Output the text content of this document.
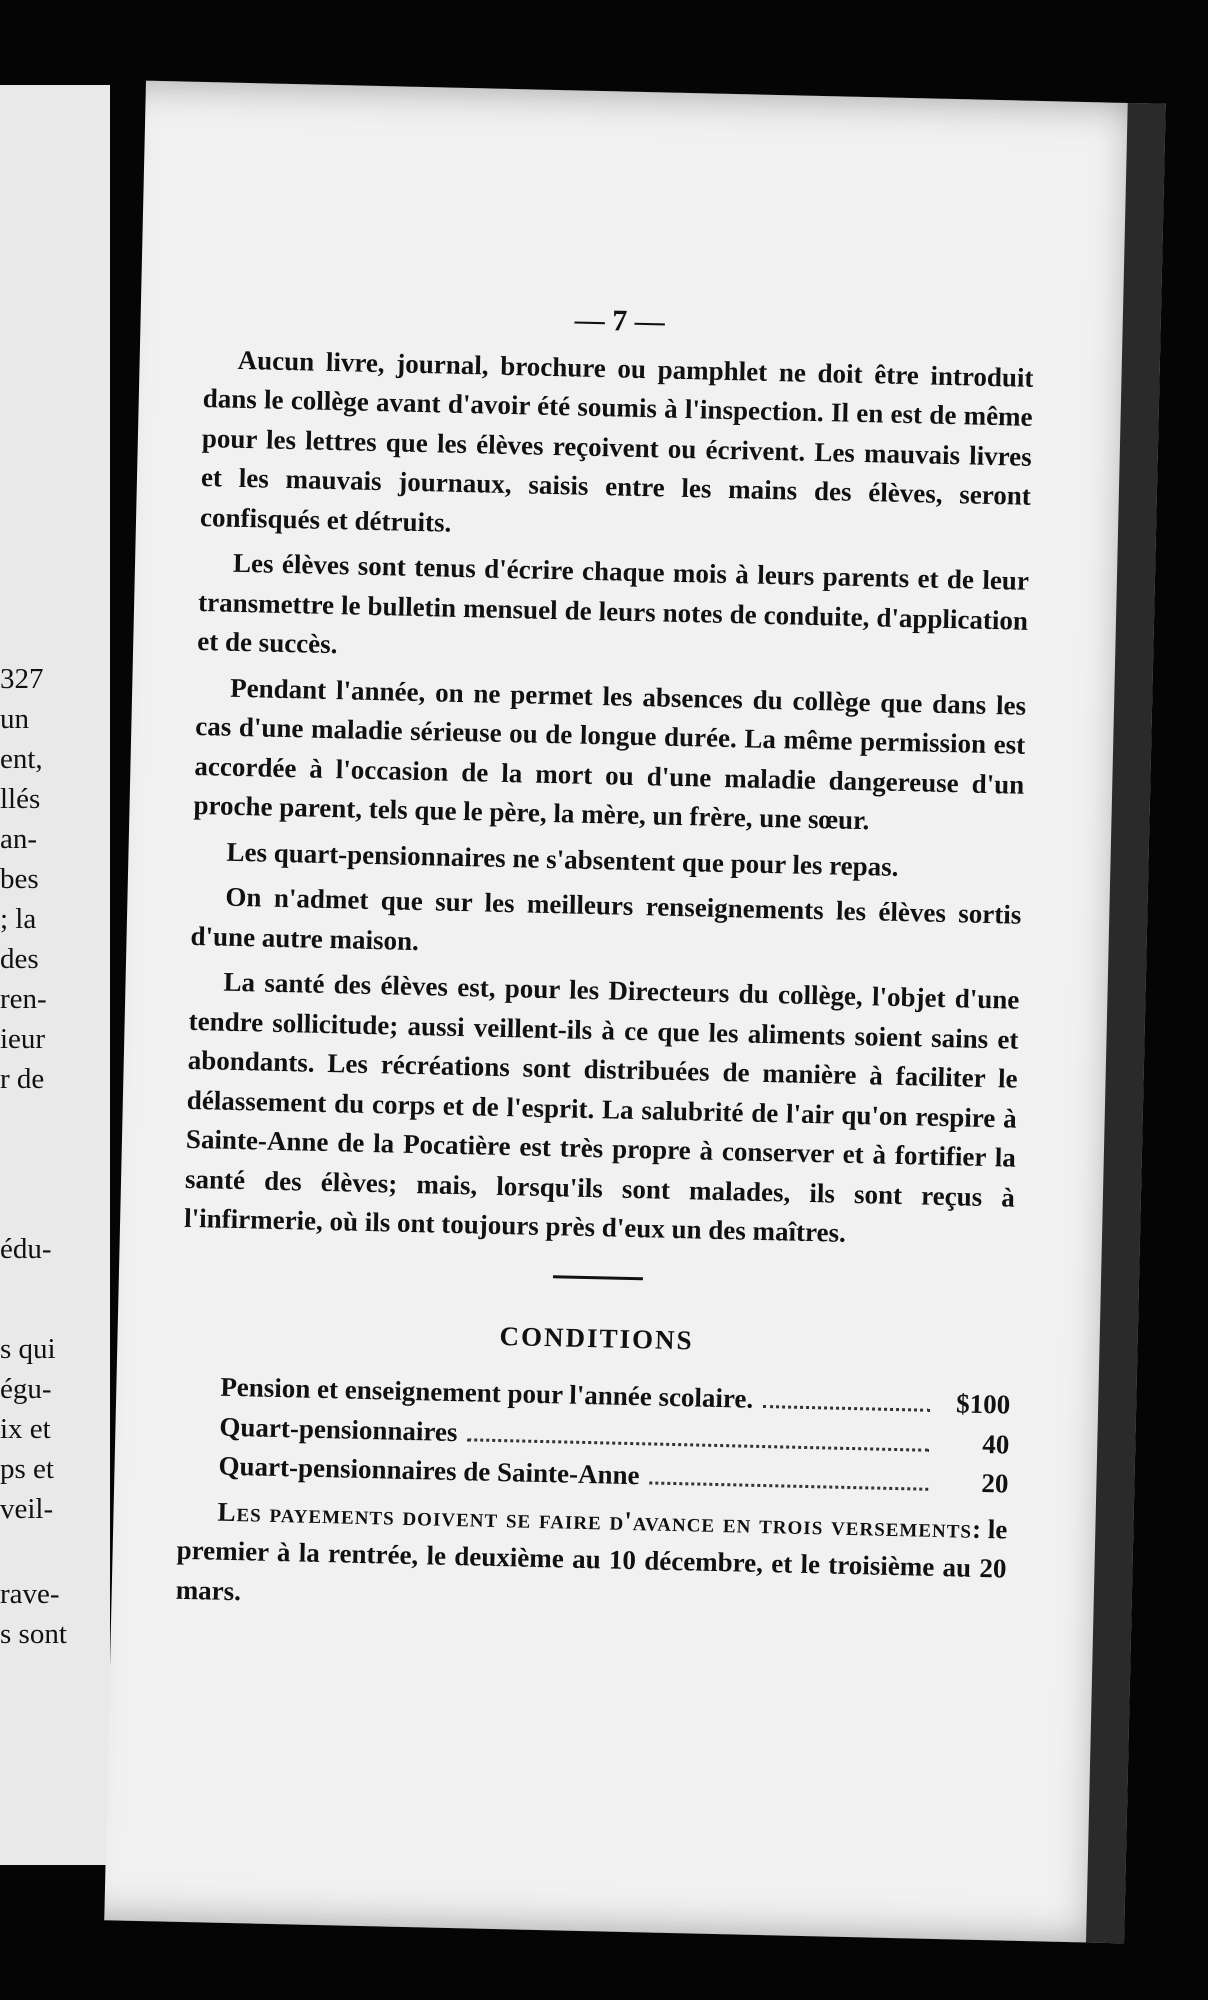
327
un
ent,
llés
an-
bes
; la
des
ren-
ieur
r de
édu-
s qui
égu-
ix et
ps et
veil-
rave-
s sont
— 7 —

Aucun livre, journal, brochure ou pamphlet ne doit être introduit dans le collège avant d'avoir été soumis à l'inspection. Il en est de même pour les lettres que les élèves reçoivent ou écrivent. Les mauvais livres et les mauvais journaux, saisis entre les mains des élèves, seront confisqués et détruits.

Les élèves sont tenus d'écrire chaque mois à leurs parents et de leur transmettre le bulletin mensuel de leurs notes de conduite, d'application et de succès.

Pendant l'année, on ne permet les absences du collège que dans les cas d'une maladie sérieuse ou de longue durée. La même permission est accordée à l'occasion de la mort ou d'une maladie dangereuse d'un proche parent, tels que le père, la mère, un frère, une sœur.

Les quart-pensionnaires ne s'absentent que pour les repas.

On n'admet que sur les meilleurs renseignements les élèves sortis d'une autre maison.

La santé des élèves est, pour les Directeurs du collège, l'objet d'une tendre sollicitude; aussi veillent-ils à ce que les aliments soient sains et abondants. Les récréations sont distribuées de manière à faciliter le délassement du corps et de l'esprit. La salubrité de l'air qu'on respire à Sainte-Anne de la Pocatière est très propre à conserver et à fortifier la santé des élèves; mais, lorsqu'ils sont malades, ils sont reçus à l'infirmerie, où ils ont toujours près d'eux un des maîtres.

CONDITIONS
Pension et enseignement pour l'année scolaire.	$100
Quart-pensionnaires	40
Quart-pensionnaires de Sainte-Anne	20

Les payements doivent se faire d'avance en trois versements: le premier à la rentrée, le deuxième au 10 décembre, et le troisième au 20 mars.
